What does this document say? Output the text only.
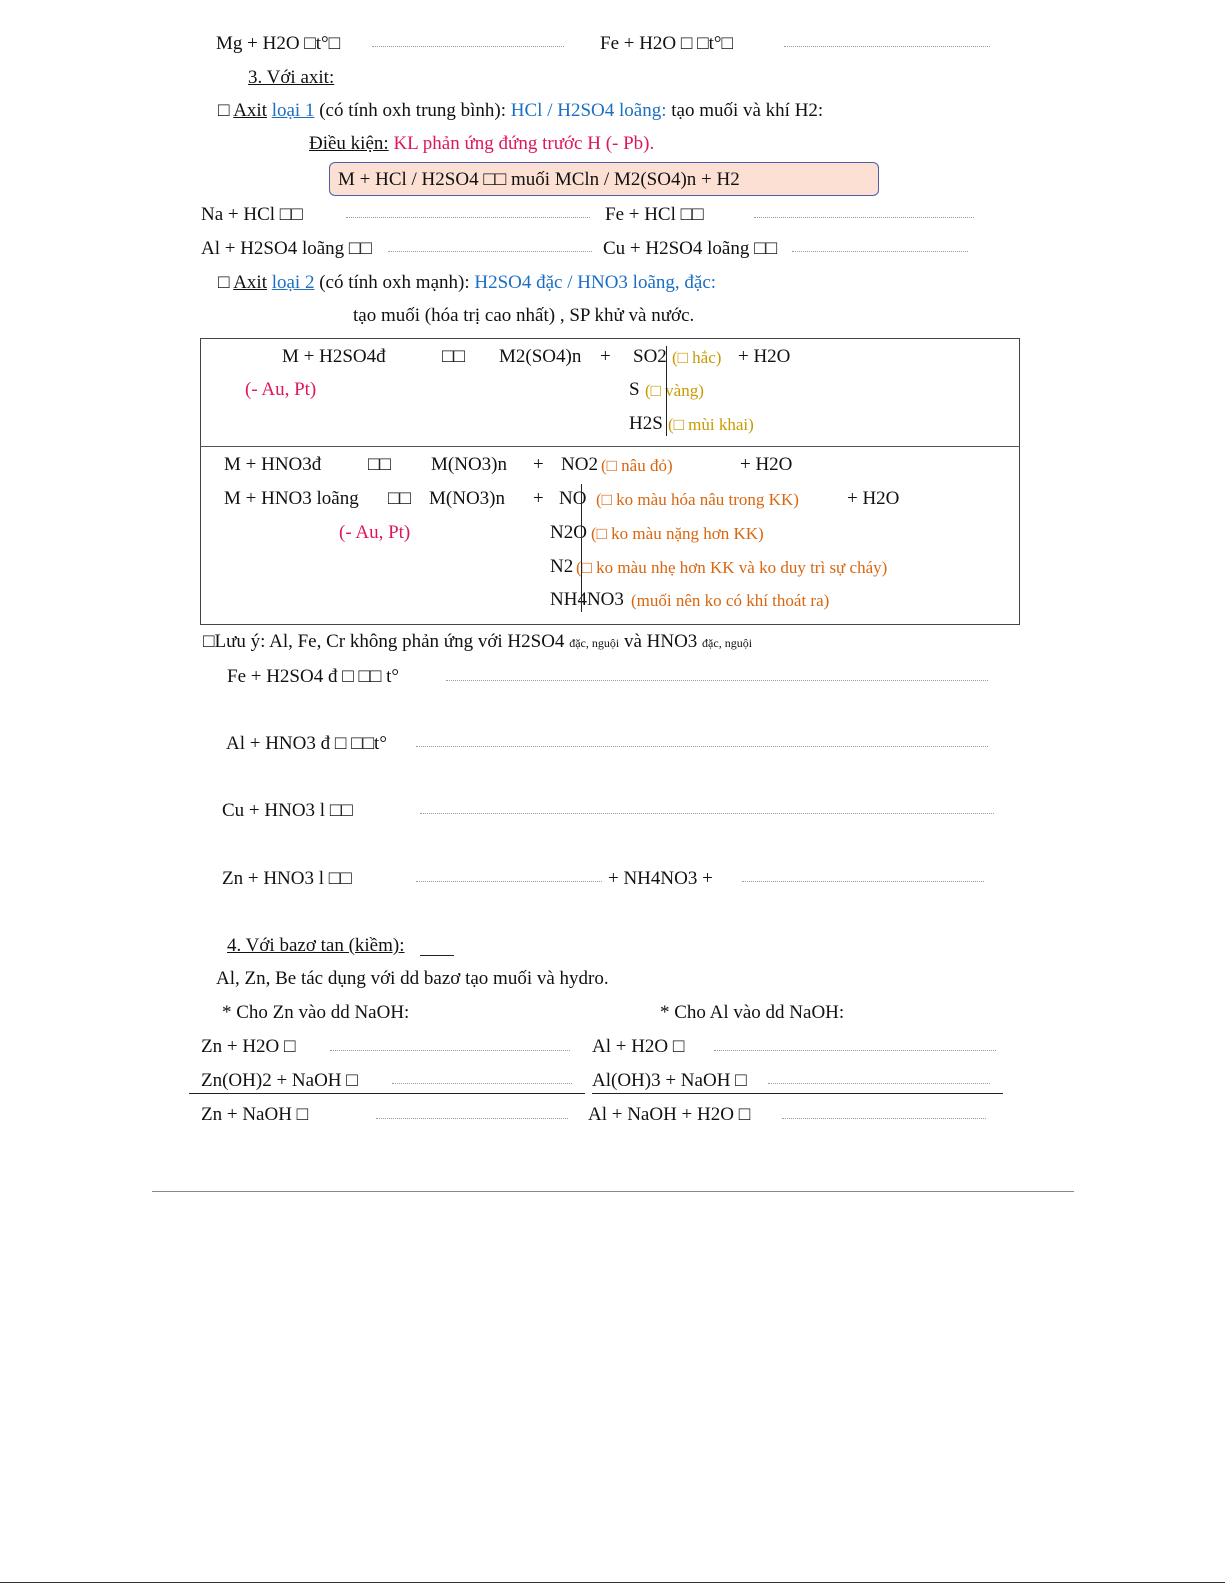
Mg + H2O □t°□	Fe + H2O □ □t°□
3. Với axit:
□ Axit loại 1 (có tính oxh trung bình): HCl / H2SO4 loãng: tạo muối và khí H2:
Điều kiện: KL phản ứng đứng trước H (- Pb).
M + HCl / H2SO4 □□ muối MCln / M2(SO4)n + H2
Na + HCl □□	Fe + HCl □□
Al + H2SO4 loãng □□	Cu + H2SO4 loãng □□
□ Axit loại 2 (có tính oxh mạnh): H2SO4 đặc / HNO3 loãng, đặc:
tạo muối (hóa trị cao nhất) , SP khử và nước.
M + H2SO4đ	□□ M2(SO4)n + SO2 (□ hắc) + H2O
(- Au, Pt)	S (□ vàng)
H2S (□ mùi khai)
M + HNO3đ □□ M(NO3)n + NO2 (□ nâu đỏ)	+ H2O
M + HNO3 loãng □□ M(NO3)n + NO (□ ko màu hóa nâu trong KK)	+ H2O
(- Au, Pt)	N2O (□ ko màu nặng hơn KK)
N2 (□ ko màu nhẹ hơn KK và ko duy trì sự cháy)
NH4NO3 (muối nên ko có khí thoát ra)
□Lưu ý: Al, Fe, Cr không phản ứng với H2SO4 đặc, nguội và HNO3 đặc, nguội
Fe + H2SO4 đ □ □□ t°
Al + HNO3 đ □ □□t°
Cu + HNO3 l □□
Zn + HNO3 l □□	+ NH4NO3 +
4. Với bazơ tan (kiềm):
Al, Zn, Be tác dụng với dd bazơ tạo muối và hydro.
* Cho Zn vào dd NaOH:	* Cho Al vào dd NaOH:
Zn + H2O □	Al + H2O □
Zn(OH)2 + NaOH □	Al(OH)3 + NaOH □
Zn + NaOH □	Al + NaOH + H2O □
